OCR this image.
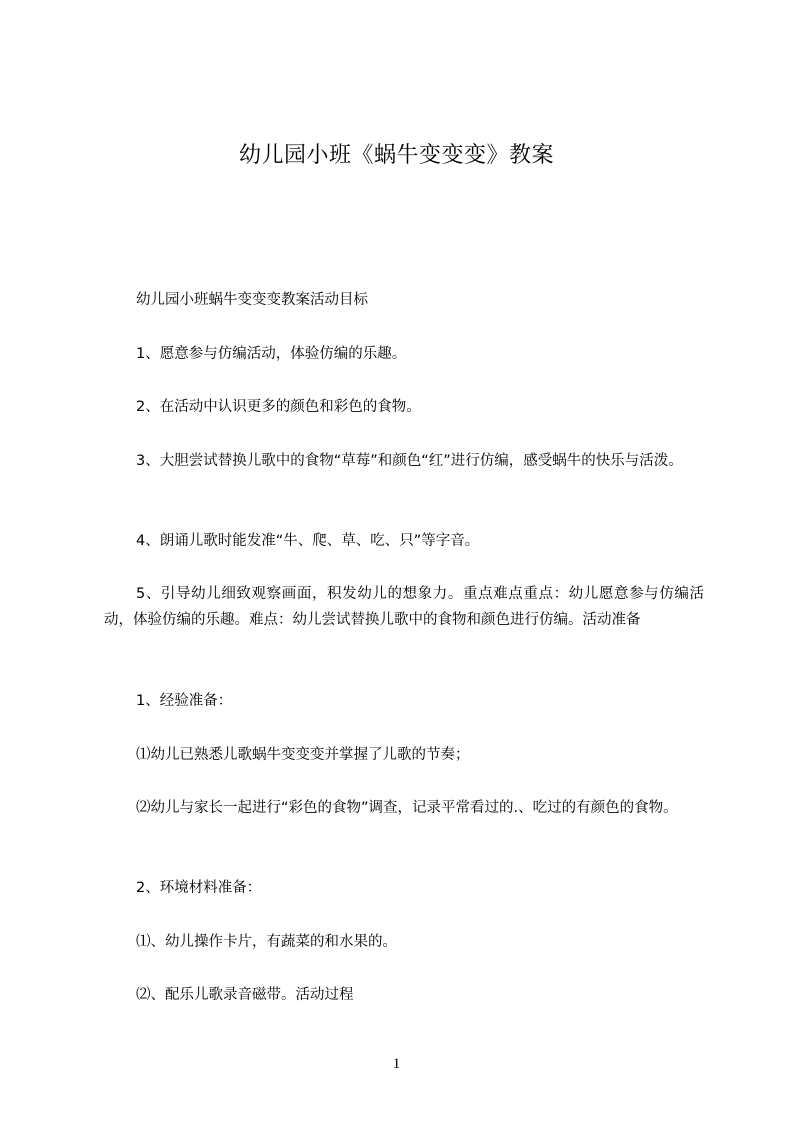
幼儿园小班《蜗牛变变变》教案
幼儿园小班蜗牛变变变教案活动目标
1、愿意参与仿编活动，体验仿编的乐趣。
2、在活动中认识更多的颜色和彩色的食物。
3、大胆尝试替换儿歌中的食物“草莓”和颜色“红”进行仿编，感受蜗牛的快乐与活泼。
4、朗诵儿歌时能发准“牛、爬、草、吃、只”等字音。
5、引导幼儿细致观察画面，积发幼儿的想象力。重点难点重点：幼儿愿意参与仿编活动，体验仿编的乐趣。难点：幼儿尝试替换儿歌中的食物和颜色进行仿编。活动准备
1、经验准备：
⑴幼儿已熟悉儿歌蜗牛变变变并掌握了儿歌的节奏；
⑵幼儿与家长一起进行“彩色的食物”调查，记录平常看过的.、吃过的有颜色的食物。
2、环境材料准备：
⑴、幼儿操作卡片，有蔬菜的和水果的。
⑵、配乐儿歌录音磁带。活动过程
1
